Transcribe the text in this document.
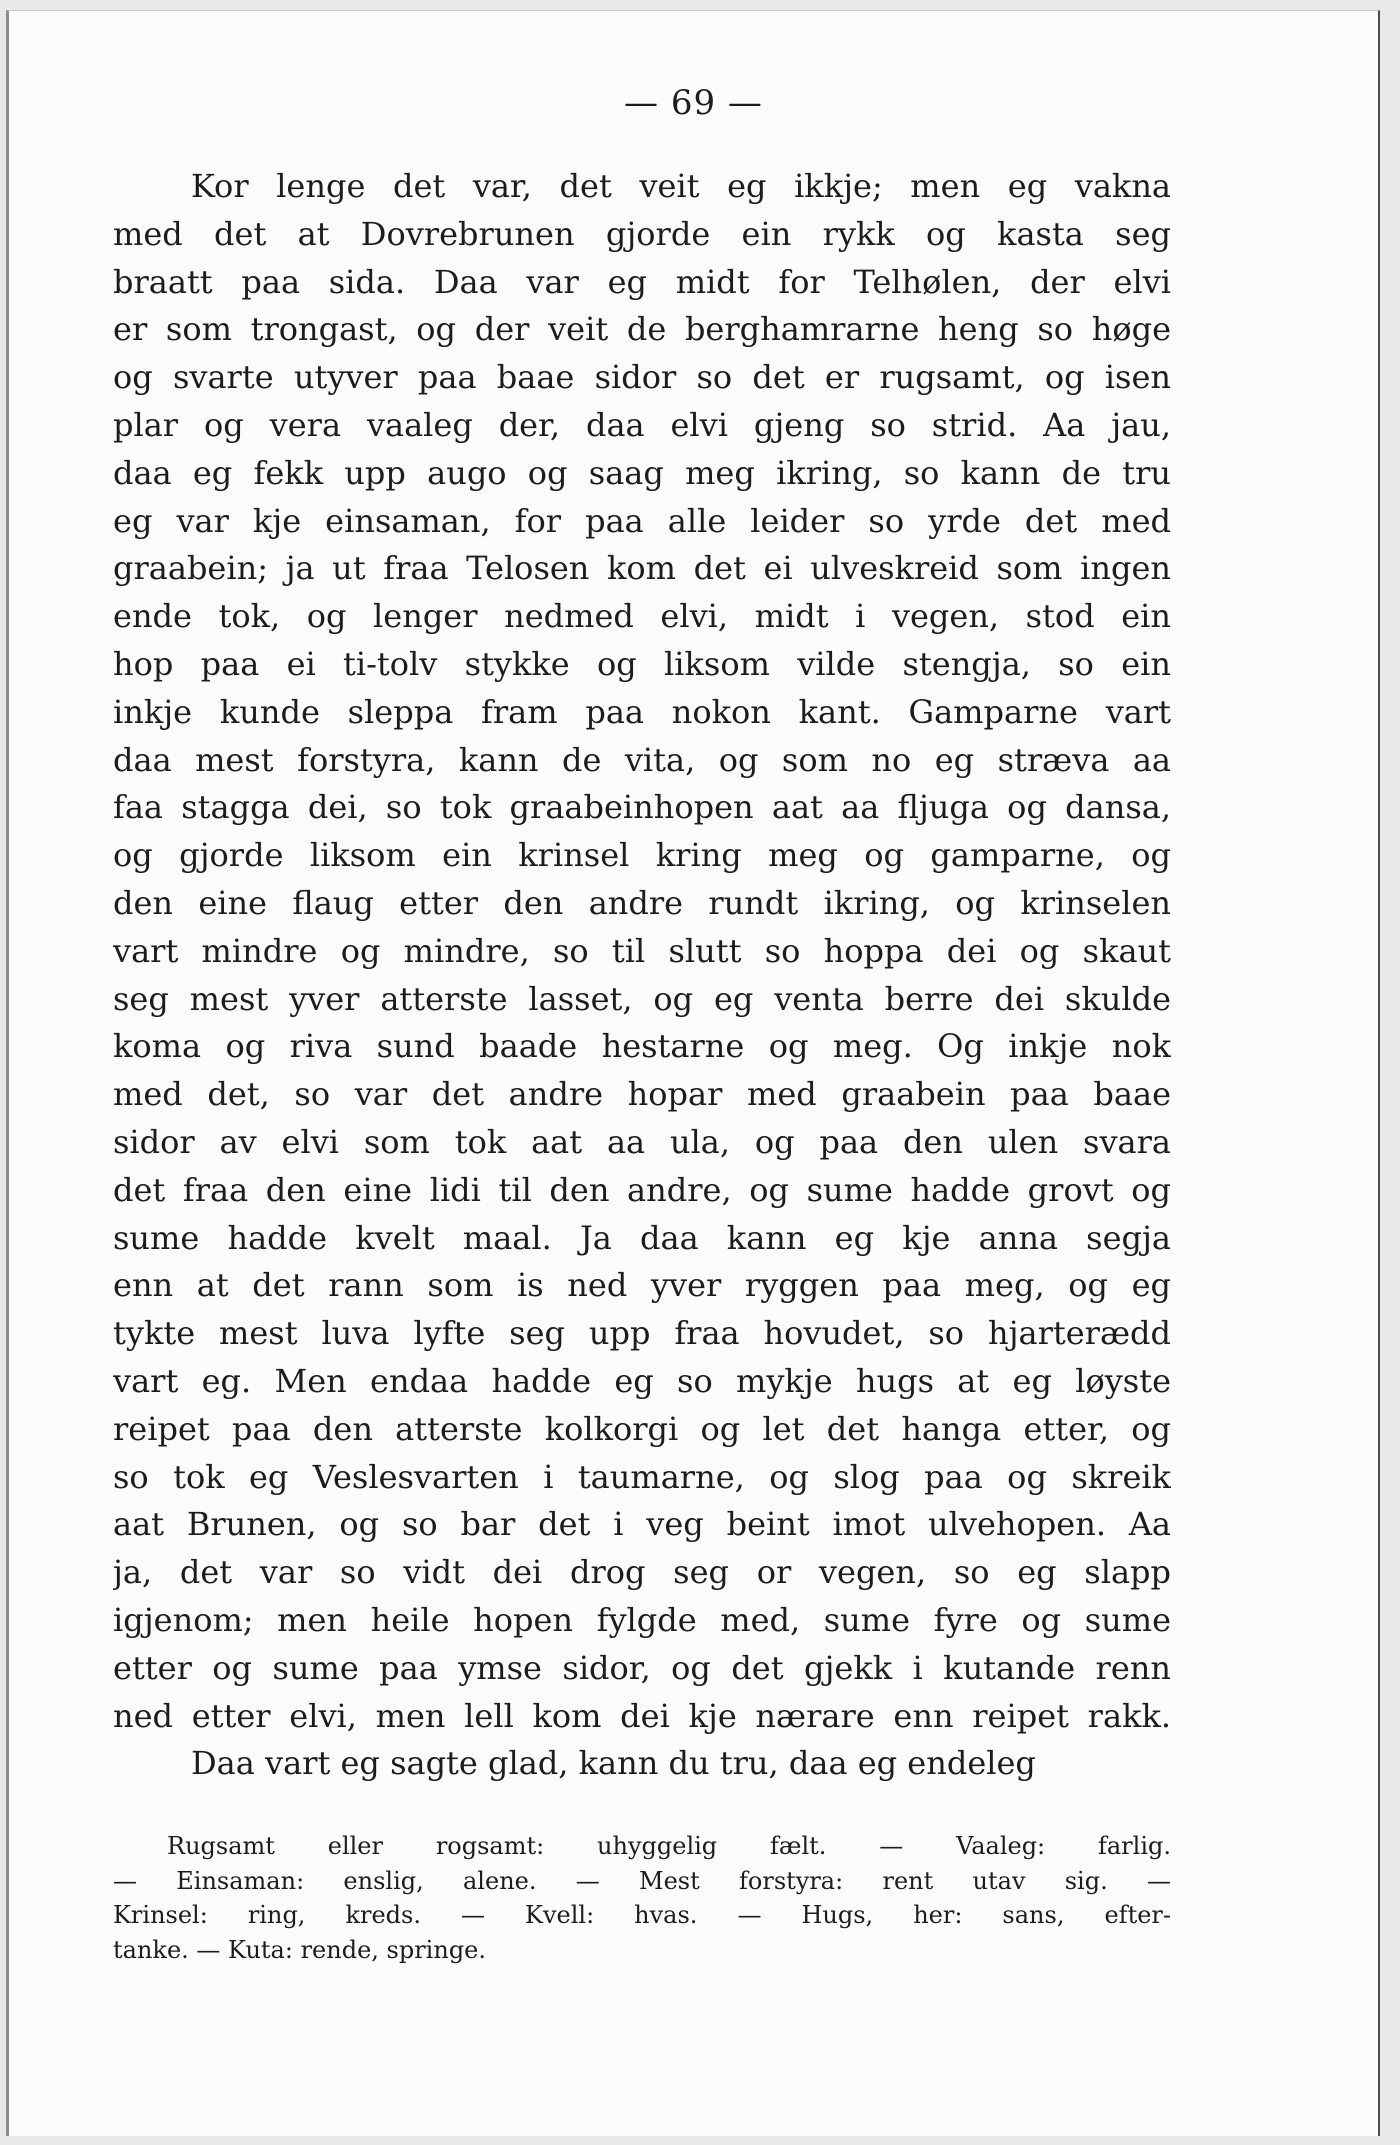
— 69 —
Kor lenge det var, det veit eg ikkje; men eg vakna
med det at Dovrebrunen gjorde ein rykk og kasta seg
braatt paa sida. Daa var eg midt for Telhølen, der elvi
er som trongast, og der veit de berghamrarne heng so høge
og svarte utyver paa baae sidor so det er rugsamt, og isen
plar og vera vaaleg der, daa elvi gjeng so strid. Aa jau,
daa eg fekk upp augo og saag meg ikring, so kann de tru
eg var kje einsaman, for paa alle leider so yrde det med
graabein; ja ut fraa Telosen kom det ei ulveskreid som ingen
ende tok, og lenger nedmed elvi, midt i vegen, stod ein
hop paa ei ti-tolv stykke og liksom vilde stengja, so ein
inkje kunde sleppa fram paa nokon kant. Gamparne vart
daa mest forstyra, kann de vita, og som no eg stræva aa
faa stagga dei, so tok graabeinhopen aat aa fljuga og dansa,
og gjorde liksom ein krinsel kring meg og gamparne, og
den eine flaug etter den andre rundt ikring, og krinselen
vart mindre og mindre, so til slutt so hoppa dei og skaut
seg mest yver atterste lasset, og eg venta berre dei skulde
koma og riva sund baade hestarne og meg. Og inkje nok
med det, so var det andre hopar med graabein paa baae
sidor av elvi som tok aat aa ula, og paa den ulen svara
det fraa den eine lidi til den andre, og sume hadde grovt og
sume hadde kvelt maal. Ja daa kann eg kje anna segja
enn at det rann som is ned yver ryggen paa meg, og eg
tykte mest luva lyfte seg upp fraa hovudet, so hjarterædd
vart eg. Men endaa hadde eg so mykje hugs at eg løyste
reipet paa den atterste kolkorgi og let det hanga etter, og
so tok eg Veslesvarten i taumarne, og slog paa og skreik
aat Brunen, og so bar det i veg beint imot ulvehopen. Aa
ja, det var so vidt dei drog seg or vegen, so eg slapp
igjenom; men heile hopen fylgde med, sume fyre og sume
etter og sume paa ymse sidor, og det gjekk i kutande renn
ned etter elvi, men lell kom dei kje nærare enn reipet rakk.
Daa vart eg sagte glad, kann du tru, daa eg endeleg
Rugsamt eller rogsamt: uhyggelig fælt. — Vaaleg: farlig.
— Einsaman: enslig, alene. — Mest forstyra: rent utav sig. —
Krinsel: ring, kreds. — Kvell: hvas. — Hugs, her: sans, efter-
tanke. — Kuta: rende, springe.
